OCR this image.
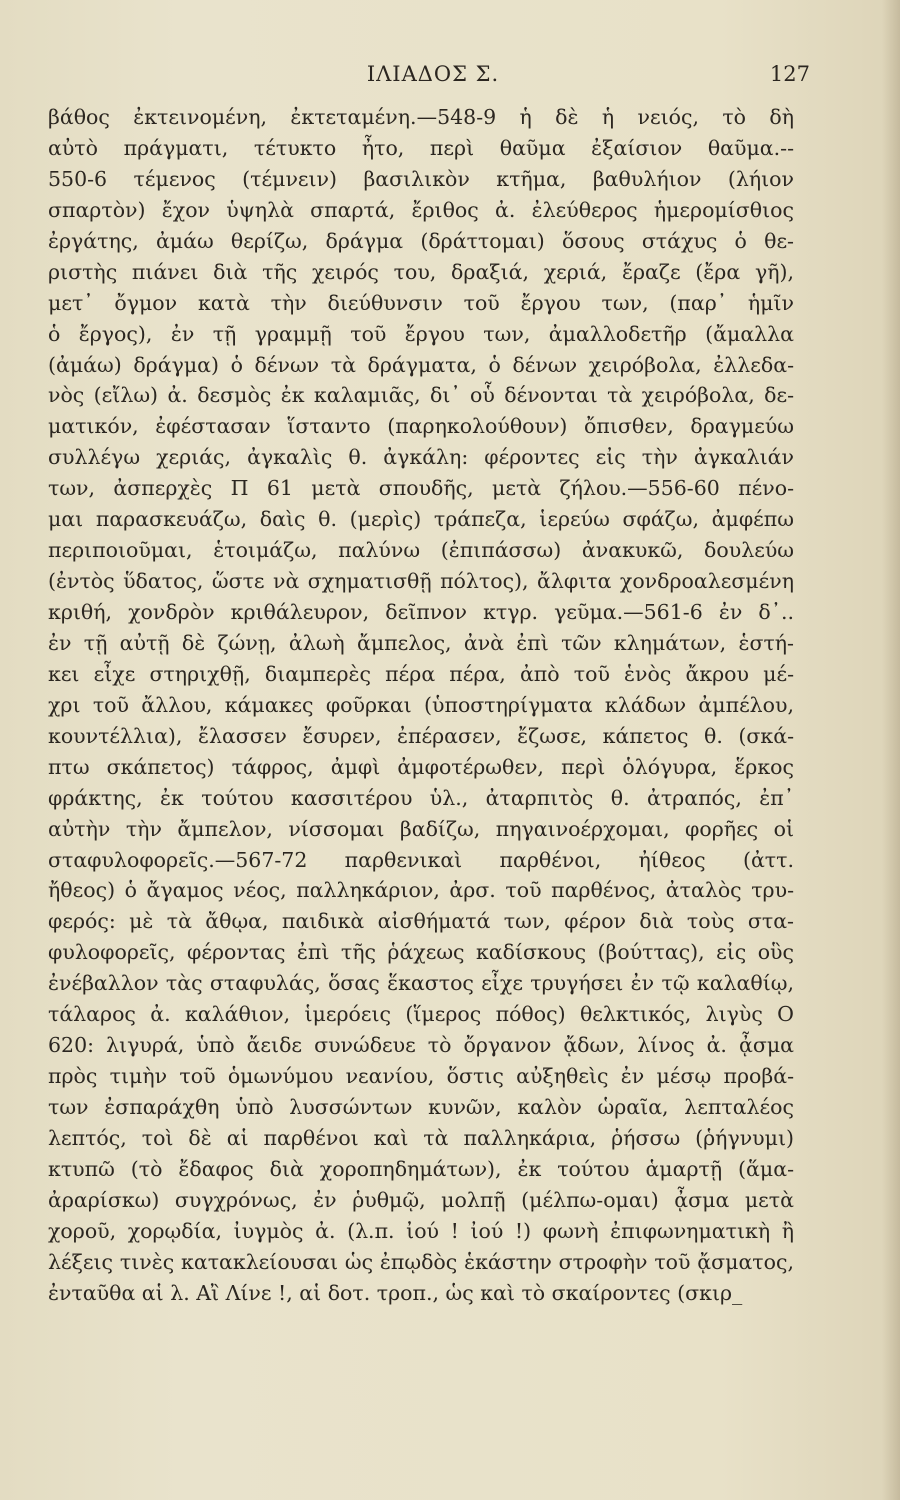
ΙΛΙΑΔΟΣ Σ.	127
βάθος ἐκτεινομένη, ἐκτεταμένη.—548-9 ἡ δὲ ἡ νειός, τὸ δὴ
αὐτὸ πράγματι, τέτυκτο ἦτο, περὶ θαῦμα ἐξαίσιον θαῦμα.--
550-6 τέμενος (τέμνειν) βασιλικὸν κτῆμα, βαθυλήιον (λήιον
σπαρτὸν) ἔχον ὑψηλὰ σπαρτά, ἔριθος ἀ. ἐλεύθερος ἡμερομίσθιος
ἐργάτης, ἀμάω θερίζω, δράγμα (δράττομαι) ὅσους στάχυς ὁ θε-
ριστὴς πιάνει διὰ τῆς χειρός του, δραξιά, χεριά, ἔραζε (ἔρα γῆ),
μετ᾽ ὄγμον κατὰ τὴν διεύθυνσιν τοῦ ἔργου των, (παρ᾽ ἡμῖν
ὁ ἔργος), ἐν τῇ γραμμῇ τοῦ ἔργου των, ἀμαλλοδετῆρ (ἄμαλλα
(ἀμάω) δράγμα) ὁ δένων τὰ δράγματα, ὁ δένων χειρόβολα, ἐλλεδα-
νὸς (εἴλω) ἀ. δεσμὸς ἐκ καλαμιᾶς, δι᾽ οὗ δένονται τὰ χειρόβολα, δε-
ματικόν, ἐφέστασαν ἵσταντο (παρηκολούθουν) ὄπισθεν, δραγμεύω
συλλέγω χεριάς, ἀγκαλὶς θ. ἀγκάλη: φέροντες εἰς τὴν ἀγκαλιάν
των, ἀσπερχὲς Π 61 μετὰ σπουδῆς, μετὰ ζήλου.—556-60 πένο-
μαι παρασκευάζω, δαὶς θ. (μερὶς) τράπεζα, ἱερεύω σφάζω, ἀμφέπω
περιποιοῦμαι, ἑτοιμάζω, παλύνω (ἐπιπάσσω) ἀνακυκῶ, δουλεύω
(ἐντὸς ὕδατος, ὥστε νὰ σχηματισθῇ πόλτος), ἄλφιτα χονδροαλεσμένη
κριθή, χονδρὸν κριθάλευρον, δεῖπνον κτγρ. γεῦμα.—561-6 ἐν δ᾽..
ἐν τῇ αὐτῇ δὲ ζώνῃ, ἀλωὴ ἄμπελος, ἀνὰ ἐπὶ τῶν κλημάτων, ἑστή-
κει εἶχε στηριχθῇ, διαμπερὲς πέρα πέρα, ἀπὸ τοῦ ἑνὸς ἄκρου μέ-
χρι τοῦ ἄλλου, κάμακες φοῦρκαι (ὑποστηρίγματα κλάδων ἀμπέλου,
κουντέλλια), ἔλασσεν ἔσυρεν, ἐπέρασεν, ἔζωσε, κάπετος θ. (σκά-
πτω σκάπετος) τάφρος, ἀμφὶ ἀμφοτέρωθεν, περὶ ὁλόγυρα, ἕρκος
φράκτης, ἐκ τούτου κασσιτέρου ὑλ., ἀταρπιτὸς θ. ἀτραπός, ἐπ᾽
αὐτὴν τὴν ἄμπελον, νίσσομαι βαδίζω, πηγαινοέρχομαι, φορῆες οἱ
σταφυλοφορεῖς.—567-72 παρθενικαὶ παρθένοι, ἠίθεος (ἀττ.
ἤθεος) ὁ ἄγαμος νέος, παλληκάριον, ἀρσ. τοῦ παρθένος, ἀταλὸς τρυ-
φερός: μὲ τὰ ἄθῳα, παιδικὰ αἰσθήματά των, φέρον διὰ τοὺς στα-
φυλοφορεῖς, φέροντας ἐπὶ τῆς ῥάχεως καδίσκους (βούττας), εἰς οὓς
ἐνέβαλλον τὰς σταφυλάς, ὅσας ἕκαστος εἶχε τρυγήσει ἐν τῷ καλαθίῳ,
τάλαρος ἀ. καλάθιον, ἱμερόεις (ἵμερος πόθος) θελκτικός, λιγὺς Ο
620: λιγυρά, ὑπὸ ἄειδε συνώδευε τὸ ὄργανον ᾄδων, λίνος ἀ. ᾆσμα
πρὸς τιμὴν τοῦ ὁμωνύμου νεανίου, ὅστις αὐξηθεὶς ἐν μέσῳ προβά-
των ἐσπαράχθη ὑπὸ λυσσώντων κυνῶν, καλὸν ὡραῖα, λεπταλέος
λεπτός, τοὶ δὲ αἱ παρθένοι καὶ τὰ παλληκάρια, ῥήσσω (ῥήγνυμι)
κτυπῶ (τὸ ἔδαφος διὰ χοροπηδημάτων), ἐκ τούτου ἁμαρτῇ (ἅμα-
ἀραρίσκω) συγχρόνως, ἐν ῥυθμῷ, μολπῇ (μέλπω-ομαι) ᾆσμα μετὰ
χοροῦ, χορῳδία, ἰυγμὸς ἀ. (λ.π. ἰού ! ἰού !) φωνὴ ἐπιφωνηματικὴ ἢ
λέξεις τινὲς κατακλείουσαι ὡς ἐπῳδὸς ἑκάστην στροφὴν τοῦ ᾄσματος,
ἐνταῦθα αἱ λ. Αἲ Λίνε !, αἱ δοτ. τροπ., ὡς καὶ τὸ σκαίροντες (σκιρ_
